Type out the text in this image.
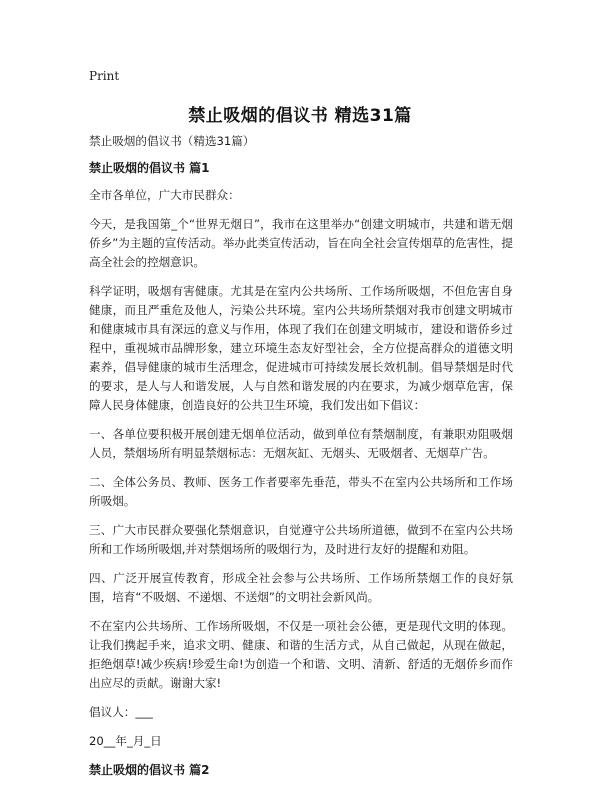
Print
禁止吸烟的倡议书 精选31篇

禁止吸烟的倡议书（精选31篇）

禁止吸烟的倡议书 篇1

全市各单位，广大市民群众：

今天，是我国第_个“世界无烟日”，我市在这里举办“创建文明城市，共建和谐无烟侨乡”为主题的宣传活动。举办此类宣传活动，旨在向全社会宣传烟草的危害性，提高全社会的控烟意识。

科学证明，吸烟有害健康。尤其是在室内公共场所、工作场所吸烟，不但危害自身健康，而且严重危及他人，污染公共环境。室内公共场所禁烟对我市创建文明城市和健康城市具有深远的意义与作用，体现了我们在创建文明城市，建设和谐侨乡过程中，重视城市品牌形象，建立环境生态友好型社会，全方位提高群众的道德文明素养，倡导健康的城市生活理念，促进城市可持续发展长效机制。倡导禁烟是时代的要求，是人与人和谐发展，人与自然和谐发展的内在要求，为减少烟草危害，保障人民身体健康，创造良好的公共卫生环境，我们发出如下倡议：

一、各单位要积极开展创建无烟单位活动，做到单位有禁烟制度，有兼职劝阻吸烟人员，禁烟场所有明显禁烟标志：无烟灰缸、无烟头、无吸烟者、无烟草广告。

二、全体公务员、教师、医务工作者要率先垂范，带头不在室内公共场所和工作场所吸烟。

三、广大市民群众要强化禁烟意识，自觉遵守公共场所道德，做到不在室内公共场所和工作场所吸烟,并对禁烟场所的吸烟行为，及时进行友好的提醒和劝阻。

四、广泛开展宣传教育，形成全社会参与公共场所、工作场所禁烟工作的良好氛围，培育“不吸烟、不递烟、不送烟”的文明社会新风尚。

不在室内公共场所、工作场所吸烟，不仅是一项社会公德，更是现代文明的体现。让我们携起手来，追求文明、健康、和谐的生活方式，从自己做起，从现在做起，拒绝烟草!减少疾病!珍爱生命!为创造一个和谐、文明、清新、舒适的无烟侨乡而作出应尽的贡献。谢谢大家!

倡议人：___

20__年_月_日

禁止吸烟的倡议书 篇2
